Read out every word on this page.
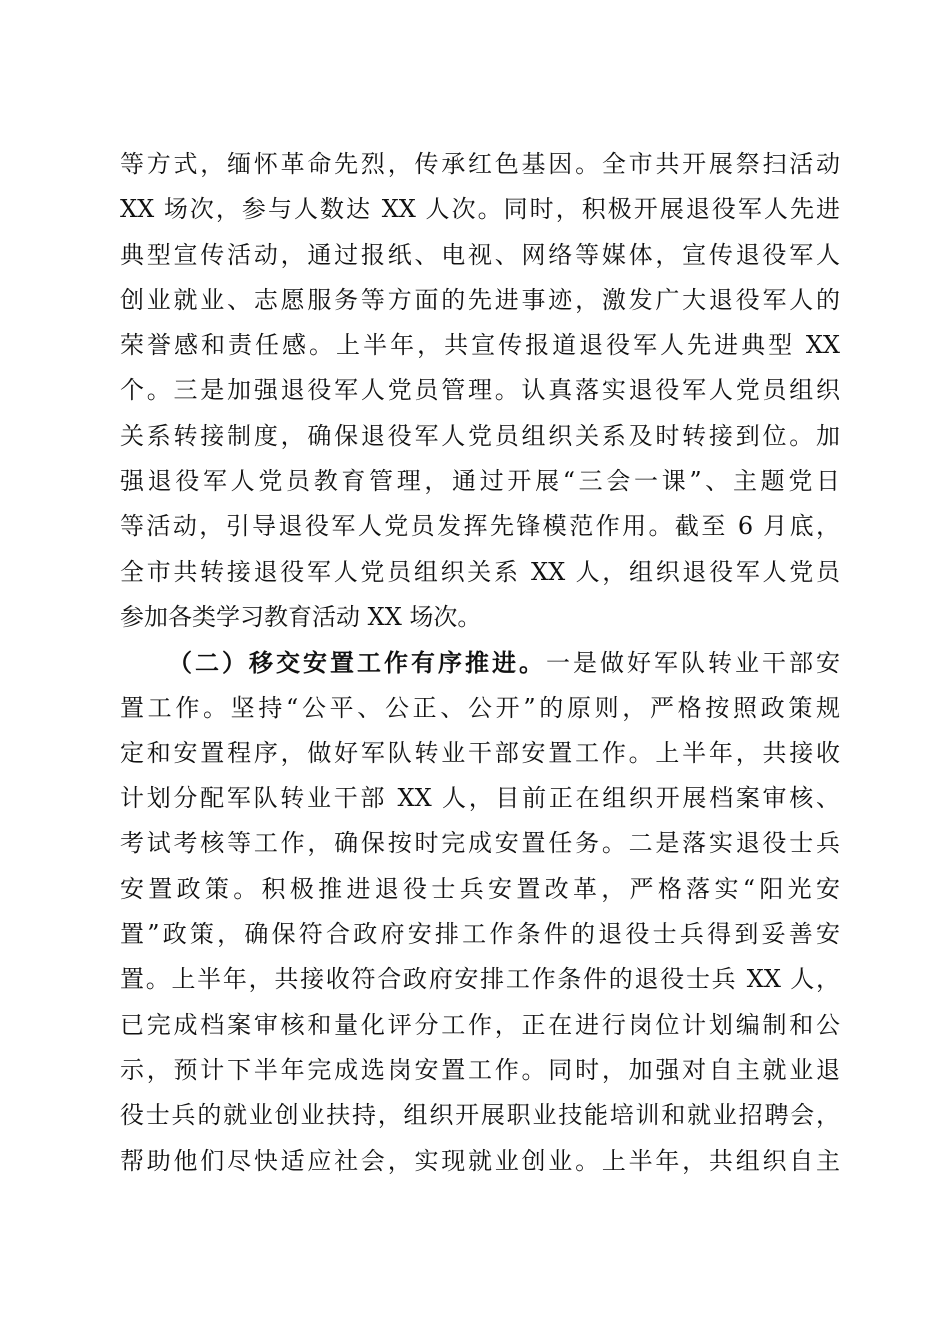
等方式，缅怀革命先烈，传承红色基因。全市共开展祭扫活动
XX 场次，参与人数达 XX 人次。同时，积极开展退役军人先进
典型宣传活动，通过报纸、电视、网络等媒体，宣传退役军人
创业就业、志愿服务等方面的先进事迹，激发广大退役军人的
荣誉感和责任感。上半年，共宣传报道退役军人先进典型 XX
个。三是加强退役军人党员管理。认真落实退役军人党员组织
关系转接制度，确保退役军人党员组织关系及时转接到位。加
强退役军人党员教育管理，通过开展“三会一课”、主题党日
等活动，引导退役军人党员发挥先锋模范作用。截至 6 月底，
全市共转接退役军人党员组织关系 XX 人，组织退役军人党员
参加各类学习教育活动 XX 场次。
（二）移交安置工作有序推进。一是做好军队转业干部安
置工作。坚持“公平、公正、公开”的原则，严格按照政策规
定和安置程序，做好军队转业干部安置工作。上半年，共接收
计划分配军队转业干部 XX 人，目前正在组织开展档案审核、
考试考核等工作，确保按时完成安置任务。二是落实退役士兵
安置政策。积极推进退役士兵安置改革，严格落实“阳光安
置”政策，确保符合政府安排工作条件的退役士兵得到妥善安
置。上半年，共接收符合政府安排工作条件的退役士兵 XX 人，
已完成档案审核和量化评分工作，正在进行岗位计划编制和公
示，预计下半年完成选岗安置工作。同时，加强对自主就业退
役士兵的就业创业扶持，组织开展职业技能培训和就业招聘会，
帮助他们尽快适应社会，实现就业创业。上半年，共组织自主
